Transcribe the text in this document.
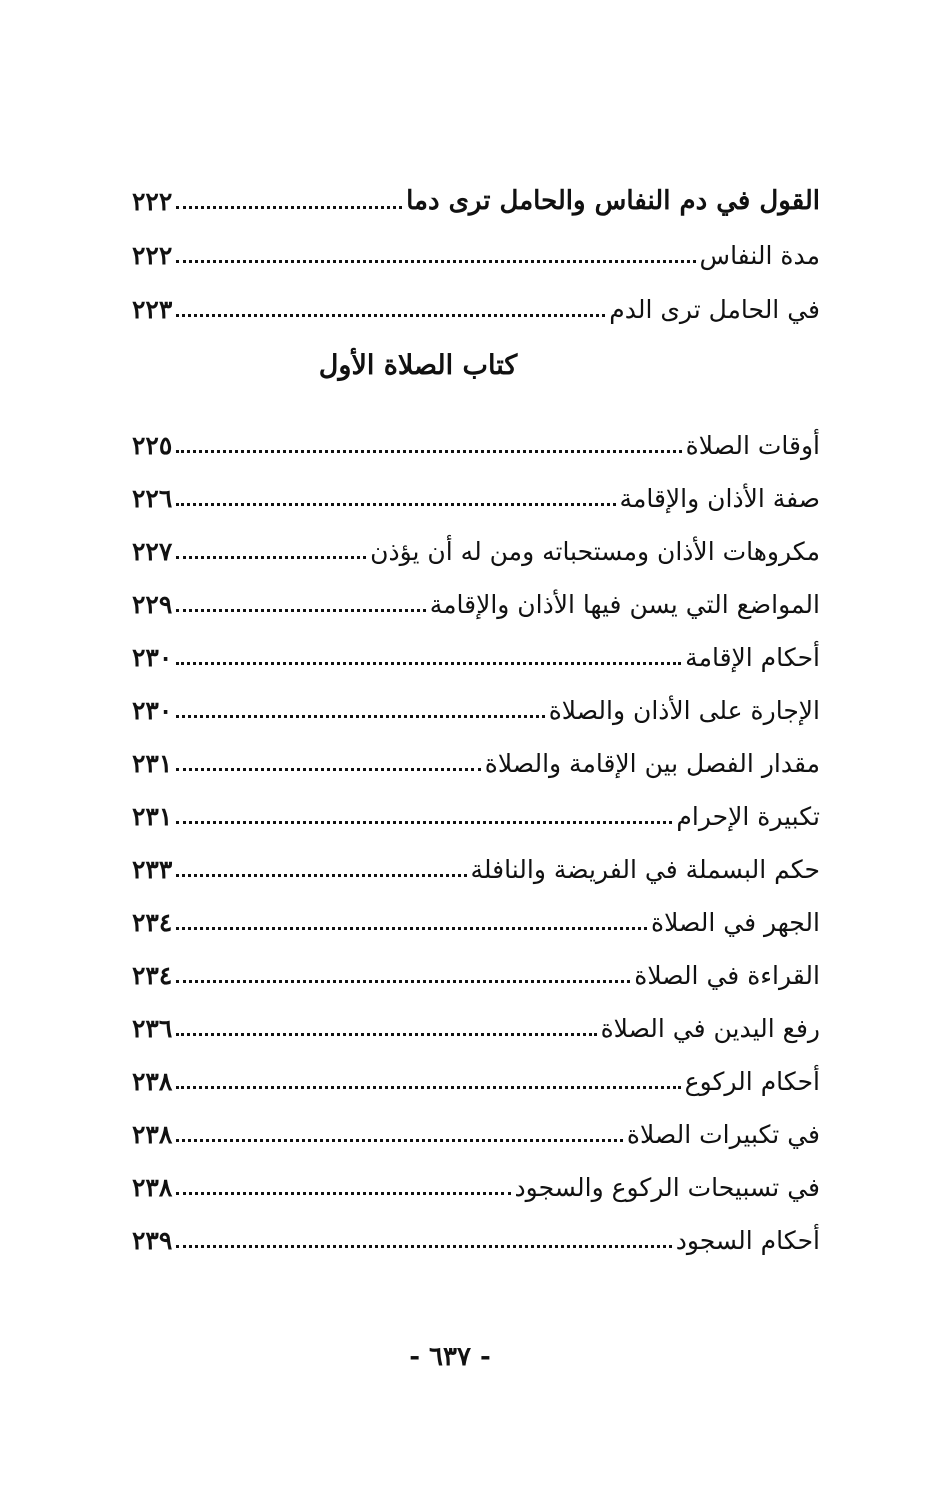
٢٢٢	القول في دم النفاس والحامل ترى دما
٢٢٢	مدة النفاس
٢٢٣	في الحامل ترى الدم
كتاب الصلاة الأول
٢٢٥	أوقات الصلاة
٢٢٦	صفة الأذان والإقامة
٢٢٧	مكروهات الأذان ومستحباته ومن له أن يؤذن
٢٢٩	المواضع التي يسن فيها الأذان والإقامة
٢٣٠	أحكام الإقامة
٢٣٠	الإجارة على الأذان والصلاة
٢٣١	مقدار الفصل بين الإقامة والصلاة
٢٣١	تكبيرة الإحرام
٢٣٣	حكم البسملة في الفريضة والنافلة
٢٣٤	الجهر في الصلاة
٢٣٤	القراءة في الصلاة
٢٣٦	رفع اليدين في الصلاة
٢٣٨	أحكام الركوع
٢٣٨	في تكبيرات الصلاة
٢٣٨	في تسبيحات الركوع والسجود
٢٣٩	أحكام السجود
- ٦٣٧ -
